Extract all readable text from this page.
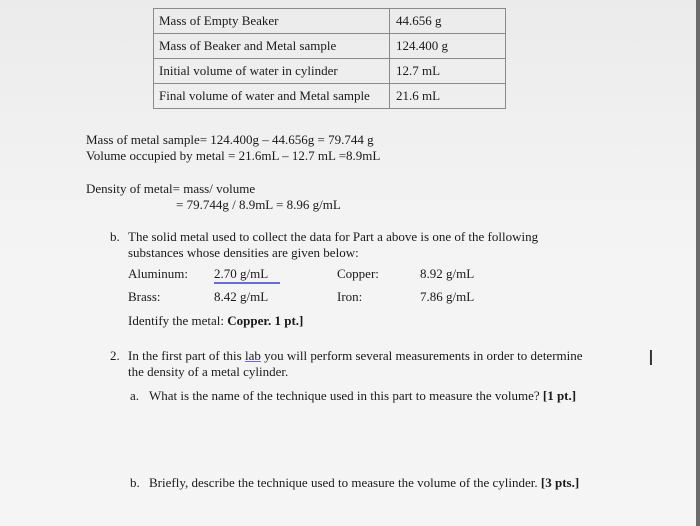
Mass of Empty Beaker	44.656 g
Mass of Beaker and Metal sample	124.400 g
Initial volume of water in cylinder	12.7 mL
Final volume of water and Metal sample	21.6 mL
Mass of metal sample= 124.400g – 44.656g = 79.744 g
Volume occupied by metal = 21.6mL – 12.7 mL =8.9mL
Density of metal= mass/ volume
= 79.744g / 8.9mL = 8.96 g/mL
b. The solid metal used to collect the data for Part a above is one of the following
substances whose densities are given below:
Aluminum: 2.70 g/mL	Copper:	8.92 g/mL
Brass:	8.42 g/mL	Iron:	7.86 g/mL
Identify the metal: Copper. 1 pt.]
2. In the first part of this lab you will perform several measurements in order to determine
the density of a metal cylinder.
a. What is the name of the technique used in this part to measure the volume? [1 pt.]
b. Briefly, describe the technique used to measure the volume of the cylinder. [3 pts.]
I
